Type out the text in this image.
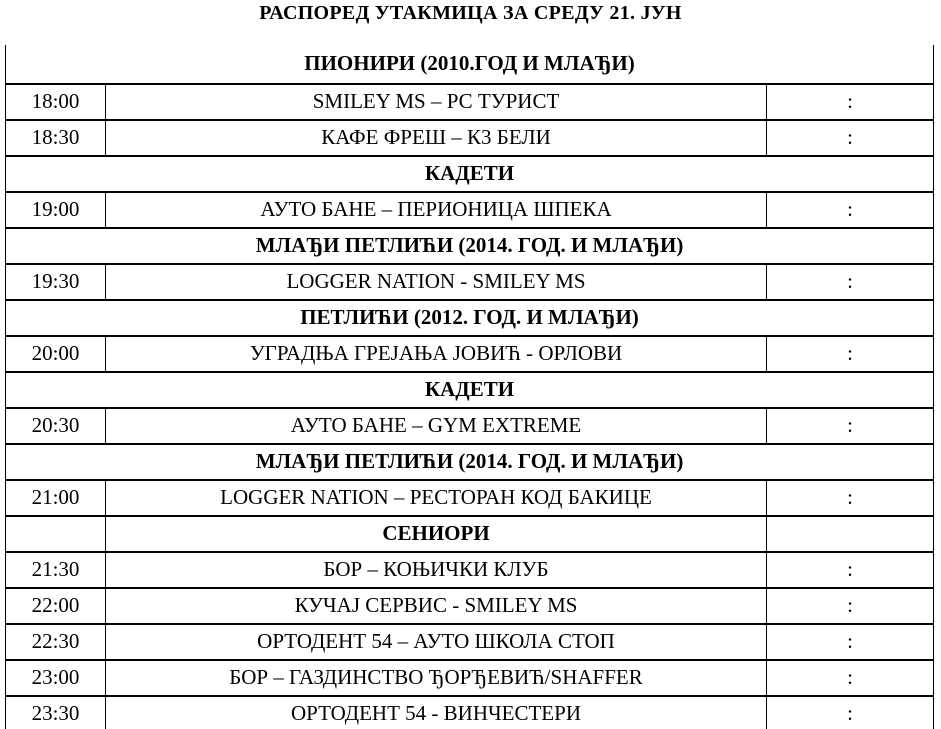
РАСПОРЕД УТАКМИЦА ЗА СРЕДУ 21. ЈУН
ПИОНИРИ (2010.ГОД И МЛАЂИ)		
18:00	SMILEY MS – РС ТУРИСТ	:
18:30	КАФЕ ФРЕШ – К3 БЕЛИ	:
КАДЕТИ		
19:00	АУТО БАНЕ – ПЕРИОНИЦА ШПЕКА	:
МЛАЂИ ПЕТЛИЋИ (2014. ГОД. И МЛАЂИ)		
19:30	LOGGER NATION - SMILEY MS	:
ПЕТЛИЋИ (2012. ГОД. И МЛАЂИ)		
20:00	УГРАДЊА ГРЕЈАЊА ЈОВИЋ - ОРЛОВИ	:
КАДЕТИ		
20:30	АУТО БАНЕ – GYM EXTREME	:
МЛАЂИ ПЕТЛИЋИ (2014. ГОД. И МЛАЂИ)		
21:00	LOGGER NATION – РЕСТОРАН КОД БАКИЦЕ	:
	СЕНИОРИ	
21:30	БОР – КОЊИЧКИ КЛУБ	:
22:00	КУЧАЈ СЕРВИС - SMILEY MS	:
22:30	ОРТОДЕНТ 54 – АУТО ШКОЛА СТОП	:
23:00	БОР – ГАЗДИНСТВО ЂОРЂЕВИЋ/SHAFFER	:
23:30	ОРТОДЕНТ 54 - ВИНЧЕСТЕРИ	:
